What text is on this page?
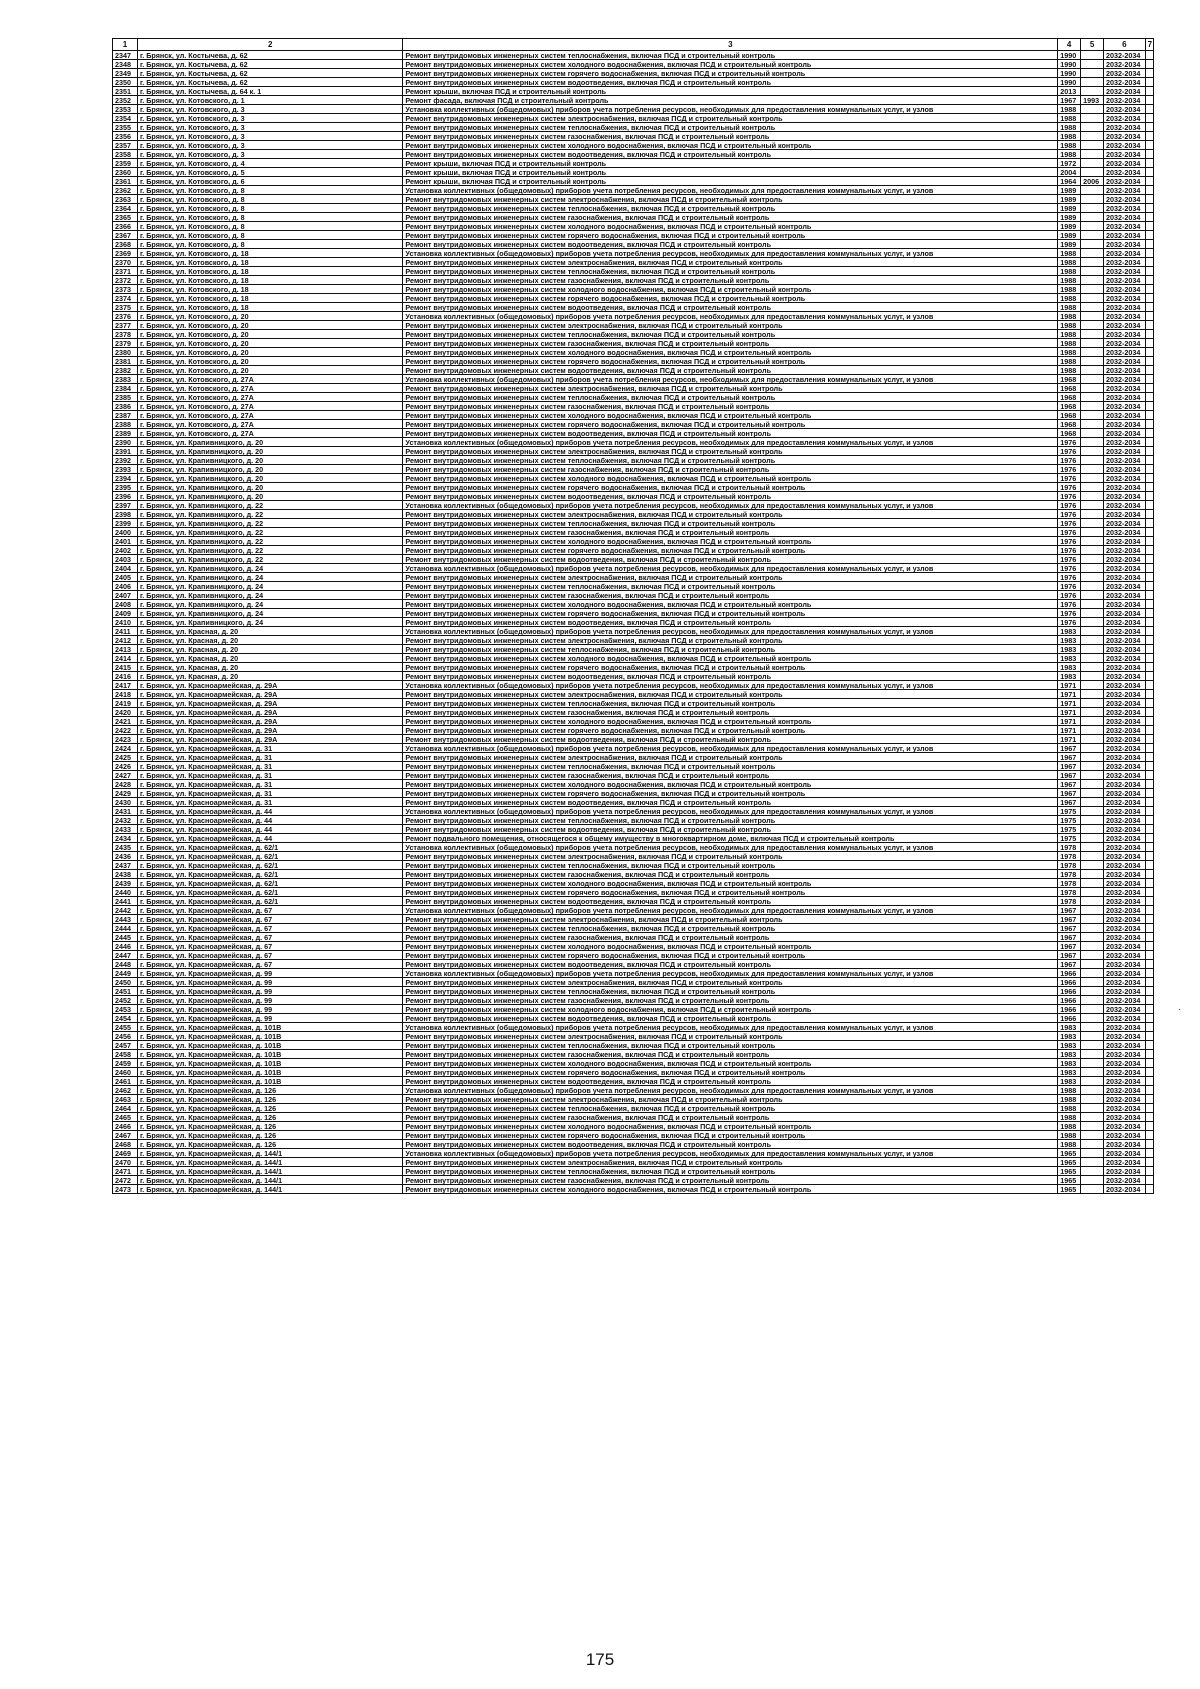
1	2	3	4	5	6	7
2347	г. Брянск, ул. Костычева, д. 62	Ремонт внутридомовых инженерных систем теплоснабжения, включая ПСД и строительный контроль	1990		2032-2034	
2348	г. Брянск, ул. Костычева, д. 62	Ремонт внутридомовых инженерных систем холодного водоснабжения, включая ПСД и строительный контроль	1990		2032-2034	
2349	г. Брянск, ул. Костычева, д. 62	Ремонт внутридомовых инженерных систем горячего водоснабжения, включая ПСД и строительный контроль	1990		2032-2034	
2350	г. Брянск, ул. Костычева, д. 62	Ремонт внутридомовых инженерных систем водоотведения, включая ПСД и строительный контроль	1990		2032-2034	
2351	г. Брянск, ул. Костычева, д. 64 к. 1	Ремонт крыши, включая ПСД и строительный контроль	2013		2032-2034	
2352	г. Брянск, ул. Котовского, д. 1	Ремонт фасада, включая ПСД и строительный контроль	1967	1993	2032-2034	
2353	г. Брянск, ул. Котовского, д. 3	Установка коллективных (общедомовых) приборов учета потребления ресурсов, необходимых для предоставления коммунальных услуг, и узлов	1988		2032-2034	
2354	г. Брянск, ул. Котовского, д. 3	Ремонт внутридомовых инженерных систем электроснабжения, включая ПСД и строительный контроль	1988		2032-2034	
2355	г. Брянск, ул. Котовского, д. 3	Ремонт внутридомовых инженерных систем теплоснабжения, включая ПСД и строительный контроль	1988		2032-2034	
2356	г. Брянск, ул. Котовского, д. 3	Ремонт внутридомовых инженерных систем газоснабжения, включая ПСД и строительный контроль	1988		2032-2034	
2357	г. Брянск, ул. Котовского, д. 3	Ремонт внутридомовых инженерных систем холодного водоснабжения, включая ПСД и строительный контроль	1988		2032-2034	
2358	г. Брянск, ул. Котовского, д. 3	Ремонт внутридомовых инженерных систем водоотведения, включая ПСД и строительный контроль	1988		2032-2034	
2359	г. Брянск, ул. Котовского, д. 4	Ремонт крыши, включая ПСД и строительный контроль	1972		2032-2034	
2360	г. Брянск, ул. Котовского, д. 5	Ремонт крыши, включая ПСД и строительный контроль	2004		2032-2034	
2361	г. Брянск, ул. Котовского, д. 6	Ремонт крыши, включая ПСД и строительный контроль	1964	2006	2032-2034	
2362	г. Брянск, ул. Котовского, д. 8	Установка коллективных (общедомовых) приборов учета потребления ресурсов, необходимых для предоставления коммунальных услуг, и узлов	1989		2032-2034	
2363	г. Брянск, ул. Котовского, д. 8	Ремонт внутридомовых инженерных систем электроснабжения, включая ПСД и строительный контроль	1989		2032-2034	
2364	г. Брянск, ул. Котовского, д. 8	Ремонт внутридомовых инженерных систем теплоснабжения, включая ПСД и строительный контроль	1989		2032-2034	
2365	г. Брянск, ул. Котовского, д. 8	Ремонт внутридомовых инженерных систем газоснабжения, включая ПСД и строительный контроль	1989		2032-2034	
2366	г. Брянск, ул. Котовского, д. 8	Ремонт внутридомовых инженерных систем холодного водоснабжения, включая ПСД и строительный контроль	1989		2032-2034	
2367	г. Брянск, ул. Котовского, д. 8	Ремонт внутридомовых инженерных систем горячего водоснабжения, включая ПСД и строительный контроль	1989		2032-2034	
2368	г. Брянск, ул. Котовского, д. 8	Ремонт внутридомовых инженерных систем водоотведения, включая ПСД и строительный контроль	1989		2032-2034	
2369	г. Брянск, ул. Котовского, д. 18	Установка коллективных (общедомовых) приборов учета потребления ресурсов, необходимых для предоставления коммунальных услуг, и узлов	1988		2032-2034	
2370	г. Брянск, ул. Котовского, д. 18	Ремонт внутридомовых инженерных систем электроснабжения, включая ПСД и строительный контроль	1988		2032-2034	
2371	г. Брянск, ул. Котовского, д. 18	Ремонт внутридомовых инженерных систем теплоснабжения, включая ПСД и строительный контроль	1988		2032-2034	
2372	г. Брянск, ул. Котовского, д. 18	Ремонт внутридомовых инженерных систем газоснабжения, включая ПСД и строительный контроль	1988		2032-2034	
2373	г. Брянск, ул. Котовского, д. 18	Ремонт внутридомовых инженерных систем холодного водоснабжения, включая ПСД и строительный контроль	1988		2032-2034	
2374	г. Брянск, ул. Котовского, д. 18	Ремонт внутридомовых инженерных систем горячего водоснабжения, включая ПСД и строительный контроль	1988		2032-2034	
2375	г. Брянск, ул. Котовского, д. 18	Ремонт внутридомовых инженерных систем водоотведения, включая ПСД и строительный контроль	1988		2032-2034	
2376	г. Брянск, ул. Котовского, д. 20	Установка коллективных (общедомовых) приборов учета потребления ресурсов, необходимых для предоставления коммунальных услуг, и узлов	1988		2032-2034	
2377	г. Брянск, ул. Котовского, д. 20	Ремонт внутридомовых инженерных систем электроснабжения, включая ПСД и строительный контроль	1988		2032-2034	
2378	г. Брянск, ул. Котовского, д. 20	Ремонт внутридомовых инженерных систем теплоснабжения, включая ПСД и строительный контроль	1988		2032-2034	
2379	г. Брянск, ул. Котовского, д. 20	Ремонт внутридомовых инженерных систем газоснабжения, включая ПСД и строительный контроль	1988		2032-2034	
2380	г. Брянск, ул. Котовского, д. 20	Ремонт внутридомовых инженерных систем холодного водоснабжения, включая ПСД и строительный контроль	1988		2032-2034	
2381	г. Брянск, ул. Котовского, д. 20	Ремонт внутридомовых инженерных систем горячего водоснабжения, включая ПСД и строительный контроль	1988		2032-2034	
2382	г. Брянск, ул. Котовского, д. 20	Ремонт внутридомовых инженерных систем водоотведения, включая ПСД и строительный контроль	1988		2032-2034	
2383	г. Брянск, ул. Котовского, д. 27А	Установка коллективных (общедомовых) приборов учета потребления ресурсов, необходимых для предоставления коммунальных услуг, и узлов	1968		2032-2034	
2384	г. Брянск, ул. Котовского, д. 27А	Ремонт внутридомовых инженерных систем электроснабжения, включая ПСД и строительный контроль	1968		2032-2034	
2385	г. Брянск, ул. Котовского, д. 27А	Ремонт внутридомовых инженерных систем теплоснабжения, включая ПСД и строительный контроль	1968		2032-2034	
2386	г. Брянск, ул. Котовского, д. 27А	Ремонт внутридомовых инженерных систем газоснабжения, включая ПСД и строительный контроль	1968		2032-2034	
2387	г. Брянск, ул. Котовского, д. 27А	Ремонт внутридомовых инженерных систем холодного водоснабжения, включая ПСД и строительный контроль	1968		2032-2034	
2388	г. Брянск, ул. Котовского, д. 27А	Ремонт внутридомовых инженерных систем горячего водоснабжения, включая ПСД и строительный контроль	1968		2032-2034	
2389	г. Брянск, ул. Котовского, д. 27А	Ремонт внутридомовых инженерных систем водоотведения, включая ПСД и строительный контроль	1968		2032-2034	
2390	г. Брянск, ул. Крапивницкого, д. 20	Установка коллективных (общедомовых) приборов учета потребления ресурсов, необходимых для предоставления коммунальных услуг, и узлов	1976		2032-2034	
2391	г. Брянск, ул. Крапивницкого, д. 20	Ремонт внутридомовых инженерных систем электроснабжения, включая ПСД и строительный контроль	1976		2032-2034	
2392	г. Брянск, ул. Крапивницкого, д. 20	Ремонт внутридомовых инженерных систем теплоснабжения, включая ПСД и строительный контроль	1976		2032-2034	
2393	г. Брянск, ул. Крапивницкого, д. 20	Ремонт внутридомовых инженерных систем газоснабжения, включая ПСД и строительный контроль	1976		2032-2034	
2394	г. Брянск, ул. Крапивницкого, д. 20	Ремонт внутридомовых инженерных систем холодного водоснабжения, включая ПСД и строительный контроль	1976		2032-2034	
2395	г. Брянск, ул. Крапивницкого, д. 20	Ремонт внутридомовых инженерных систем горячего водоснабжения, включая ПСД и строительный контроль	1976		2032-2034	
2396	г. Брянск, ул. Крапивницкого, д. 20	Ремонт внутридомовых инженерных систем водоотведения, включая ПСД и строительный контроль	1976		2032-2034	
2397	г. Брянск, ул. Крапивницкого, д. 22	Установка коллективных (общедомовых) приборов учета потребления ресурсов, необходимых для предоставления коммунальных услуг, и узлов	1976		2032-2034	
2398	г. Брянск, ул. Крапивницкого, д. 22	Ремонт внутридомовых инженерных систем электроснабжения, включая ПСД и строительный контроль	1976		2032-2034	
2399	г. Брянск, ул. Крапивницкого, д. 22	Ремонт внутридомовых инженерных систем теплоснабжения, включая ПСД и строительный контроль	1976		2032-2034	
2400	г. Брянск, ул. Крапивницкого, д. 22	Ремонт внутридомовых инженерных систем газоснабжения, включая ПСД и строительный контроль	1976		2032-2034	
2401	г. Брянск, ул. Крапивницкого, д. 22	Ремонт внутридомовых инженерных систем холодного водоснабжения, включая ПСД и строительный контроль	1976		2032-2034	
2402	г. Брянск, ул. Крапивницкого, д. 22	Ремонт внутридомовых инженерных систем горячего водоснабжения, включая ПСД и строительный контроль	1976		2032-2034	
2403	г. Брянск, ул. Крапивницкого, д. 22	Ремонт внутридомовых инженерных систем водоотведения, включая ПСД и строительный контроль	1976		2032-2034	
2404	г. Брянск, ул. Крапивницкого, д. 24	Установка коллективных (общедомовых) приборов учета потребления ресурсов, необходимых для предоставления коммунальных услуг, и узлов	1976		2032-2034	
2405	г. Брянск, ул. Крапивницкого, д. 24	Ремонт внутридомовых инженерных систем электроснабжения, включая ПСД и строительный контроль	1976		2032-2034	
2406	г. Брянск, ул. Крапивницкого, д. 24	Ремонт внутридомовых инженерных систем теплоснабжения, включая ПСД и строительный контроль	1976		2032-2034	
2407	г. Брянск, ул. Крапивницкого, д. 24	Ремонт внутридомовых инженерных систем газоснабжения, включая ПСД и строительный контроль	1976		2032-2034	
2408	г. Брянск, ул. Крапивницкого, д. 24	Ремонт внутридомовых инженерных систем холодного водоснабжения, включая ПСД и строительный контроль	1976		2032-2034	
2409	г. Брянск, ул. Крапивницкого, д. 24	Ремонт внутридомовых инженерных систем горячего водоснабжения, включая ПСД и строительный контроль	1976		2032-2034	
2410	г. Брянск, ул. Крапивницкого, д. 24	Ремонт внутридомовых инженерных систем водоотведения, включая ПСД и строительный контроль	1976		2032-2034	
2411	г. Брянск, ул. Красная, д. 20	Установка коллективных (общедомовых) приборов учета потребления ресурсов, необходимых для предоставления коммунальных услуг, и узлов	1983		2032-2034	
2412	г. Брянск, ул. Красная, д. 20	Ремонт внутридомовых инженерных систем электроснабжения, включая ПСД и строительный контроль	1983		2032-2034	
2413	г. Брянск, ул. Красная, д. 20	Ремонт внутридомовых инженерных систем теплоснабжения, включая ПСД и строительный контроль	1983		2032-2034	
2414	г. Брянск, ул. Красная, д. 20	Ремонт внутридомовых инженерных систем холодного водоснабжения, включая ПСД и строительный контроль	1983		2032-2034	
2415	г. Брянск, ул. Красная, д. 20	Ремонт внутридомовых инженерных систем горячего водоснабжения, включая ПСД и строительный контроль	1983		2032-2034	
2416	г. Брянск, ул. Красная, д. 20	Ремонт внутридомовых инженерных систем водоотведения, включая ПСД и строительный контроль	1983		2032-2034	
2417	г. Брянск, ул. Красноармейская, д. 29А	Установка коллективных (общедомовых) приборов учета потребления ресурсов, необходимых для предоставления коммунальных услуг, и узлов	1971		2032-2034	
2418	г. Брянск, ул. Красноармейская, д. 29А	Ремонт внутридомовых инженерных систем электроснабжения, включая ПСД и строительный контроль	1971		2032-2034	
2419	г. Брянск, ул. Красноармейская, д. 29А	Ремонт внутридомовых инженерных систем теплоснабжения, включая ПСД и строительный контроль	1971		2032-2034	
2420	г. Брянск, ул. Красноармейская, д. 29А	Ремонт внутридомовых инженерных систем газоснабжения, включая ПСД и строительный контроль	1971		2032-2034	
2421	г. Брянск, ул. Красноармейская, д. 29А	Ремонт внутридомовых инженерных систем холодного водоснабжения, включая ПСД и строительный контроль	1971		2032-2034	
2422	г. Брянск, ул. Красноармейская, д. 29А	Ремонт внутридомовых инженерных систем горячего водоснабжения, включая ПСД и строительный контроль	1971		2032-2034	
2423	г. Брянск, ул. Красноармейская, д. 29А	Ремонт внутридомовых инженерных систем водоотведения, включая ПСД и строительный контроль	1971		2032-2034	
2424	г. Брянск, ул. Красноармейская, д. 31	Установка коллективных (общедомовых) приборов учета потребления ресурсов, необходимых для предоставления коммунальных услуг, и узлов	1967		2032-2034	
2425	г. Брянск, ул. Красноармейская, д. 31	Ремонт внутридомовых инженерных систем электроснабжения, включая ПСД и строительный контроль	1967		2032-2034	
2426	г. Брянск, ул. Красноармейская, д. 31	Ремонт внутридомовых инженерных систем теплоснабжения, включая ПСД и строительный контроль	1967		2032-2034	
2427	г. Брянск, ул. Красноармейская, д. 31	Ремонт внутридомовых инженерных систем газоснабжения, включая ПСД и строительный контроль	1967		2032-2034	
2428	г. Брянск, ул. Красноармейская, д. 31	Ремонт внутридомовых инженерных систем холодного водоснабжения, включая ПСД и строительный контроль	1967		2032-2034	
2429	г. Брянск, ул. Красноармейская, д. 31	Ремонт внутридомовых инженерных систем горячего водоснабжения, включая ПСД и строительный контроль	1967		2032-2034	
2430	г. Брянск, ул. Красноармейская, д. 31	Ремонт внутридомовых инженерных систем водоотведения, включая ПСД и строительный контроль	1967		2032-2034	
2431	г. Брянск, ул. Красноармейская, д. 44	Установка коллективных (общедомовых) приборов учета потребления ресурсов, необходимых для предоставления коммунальных услуг, и узлов	1975		2032-2034	
2432	г. Брянск, ул. Красноармейская, д. 44	Ремонт внутридомовых инженерных систем теплоснабжения, включая ПСД и строительный контроль	1975		2032-2034	
2433	г. Брянск, ул. Красноармейская, д. 44	Ремонт внутридомовых инженерных систем водоотведения, включая ПСД и строительный контроль	1975		2032-2034	
2434	г. Брянск, ул. Красноармейская, д. 44	Ремонт подвального помещения, относящегося к общему имуществу в многоквартирном доме, включая ПСД и строительный контроль	1975		2032-2034	
2435	г. Брянск, ул. Красноармейская, д. 62/1	Установка коллективных (общедомовых) приборов учета потребления ресурсов, необходимых для предоставления коммунальных услуг, и узлов	1978		2032-2034	
2436	г. Брянск, ул. Красноармейская, д. 62/1	Ремонт внутридомовых инженерных систем электроснабжения, включая ПСД и строительный контроль	1978		2032-2034	
2437	г. Брянск, ул. Красноармейская, д. 62/1	Ремонт внутридомовых инженерных систем теплоснабжения, включая ПСД и строительный контроль	1978		2032-2034	
2438	г. Брянск, ул. Красноармейская, д. 62/1	Ремонт внутридомовых инженерных систем газоснабжения, включая ПСД и строительный контроль	1978		2032-2034	
2439	г. Брянск, ул. Красноармейская, д. 62/1	Ремонт внутридомовых инженерных систем холодного водоснабжения, включая ПСД и строительный контроль	1978		2032-2034	
2440	г. Брянск, ул. Красноармейская, д. 62/1	Ремонт внутридомовых инженерных систем горячего водоснабжения, включая ПСД и строительный контроль	1978		2032-2034	
2441	г. Брянск, ул. Красноармейская, д. 62/1	Ремонт внутридомовых инженерных систем водоотведения, включая ПСД и строительный контроль	1978		2032-2034	
2442	г. Брянск, ул. Красноармейская, д. 67	Установка коллективных (общедомовых) приборов учета потребления ресурсов, необходимых для предоставления коммунальных услуг, и узлов	1967		2032-2034	
2443	г. Брянск, ул. Красноармейская, д. 67	Ремонт внутридомовых инженерных систем электроснабжения, включая ПСД и строительный контроль	1967		2032-2034	
2444	г. Брянск, ул. Красноармейская, д. 67	Ремонт внутридомовых инженерных систем теплоснабжения, включая ПСД и строительный контроль	1967		2032-2034	
2445	г. Брянск, ул. Красноармейская, д. 67	Ремонт внутридомовых инженерных систем газоснабжения, включая ПСД и строительный контроль	1967		2032-2034	
2446	г. Брянск, ул. Красноармейская, д. 67	Ремонт внутридомовых инженерных систем холодного водоснабжения, включая ПСД и строительный контроль	1967		2032-2034	
2447	г. Брянск, ул. Красноармейская, д. 67	Ремонт внутридомовых инженерных систем горячего водоснабжения, включая ПСД и строительный контроль	1967		2032-2034	
2448	г. Брянск, ул. Красноармейская, д. 67	Ремонт внутридомовых инженерных систем водоотведения, включая ПСД и строительный контроль	1967		2032-2034	
2449	г. Брянск, ул. Красноармейская, д. 99	Установка коллективных (общедомовых) приборов учета потребления ресурсов, необходимых для предоставления коммунальных услуг, и узлов	1966		2032-2034	
2450	г. Брянск, ул. Красноармейская, д. 99	Ремонт внутридомовых инженерных систем электроснабжения, включая ПСД и строительный контроль	1966		2032-2034	
2451	г. Брянск, ул. Красноармейская, д. 99	Ремонт внутридомовых инженерных систем теплоснабжения, включая ПСД и строительный контроль	1966		2032-2034	
2452	г. Брянск, ул. Красноармейская, д. 99	Ремонт внутридомовых инженерных систем газоснабжения, включая ПСД и строительный контроль	1966		2032-2034	
2453	г. Брянск, ул. Красноармейская, д. 99	Ремонт внутридомовых инженерных систем холодного водоснабжения, включая ПСД и строительный контроль	1966		2032-2034	
2454	г. Брянск, ул. Красноармейская, д. 99	Ремонт внутридомовых инженерных систем водоотведения, включая ПСД и строительный контроль	1966		2032-2034	
2455	г. Брянск, ул. Красноармейская, д. 101В	Установка коллективных (общедомовых) приборов учета потребления ресурсов, необходимых для предоставления коммунальных услуг, и узлов	1983		2032-2034	
2456	г. Брянск, ул. Красноармейская, д. 101В	Ремонт внутридомовых инженерных систем электроснабжения, включая ПСД и строительный контроль	1983		2032-2034	
2457	г. Брянск, ул. Красноармейская, д. 101В	Ремонт внутридомовых инженерных систем теплоснабжения, включая ПСД и строительный контроль	1983		2032-2034	
2458	г. Брянск, ул. Красноармейская, д. 101В	Ремонт внутридомовых инженерных систем газоснабжения, включая ПСД и строительный контроль	1983		2032-2034	
2459	г. Брянск, ул. Красноармейская, д. 101В	Ремонт внутридомовых инженерных систем холодного водоснабжения, включая ПСД и строительный контроль	1983		2032-2034	
2460	г. Брянск, ул. Красноармейская, д. 101В	Ремонт внутридомовых инженерных систем горячего водоснабжения, включая ПСД и строительный контроль	1983		2032-2034	
2461	г. Брянск, ул. Красноармейская, д. 101В	Ремонт внутридомовых инженерных систем водоотведения, включая ПСД и строительный контроль	1983		2032-2034	
2462	г. Брянск, ул. Красноармейская, д. 126	Установка коллективных (общедомовых) приборов учета потребления ресурсов, необходимых для предоставления коммунальных услуг, и узлов	1988		2032-2034	
2463	г. Брянск, ул. Красноармейская, д. 126	Ремонт внутридомовых инженерных систем электроснабжения, включая ПСД и строительный контроль	1988		2032-2034	
2464	г. Брянск, ул. Красноармейская, д. 126	Ремонт внутридомовых инженерных систем теплоснабжения, включая ПСД и строительный контроль	1988		2032-2034	
2465	г. Брянск, ул. Красноармейская, д. 126	Ремонт внутридомовых инженерных систем газоснабжения, включая ПСД и строительный контроль	1988		2032-2034	
2466	г. Брянск, ул. Красноармейская, д. 126	Ремонт внутридомовых инженерных систем холодного водоснабжения, включая ПСД и строительный контроль	1988		2032-2034	
2467	г. Брянск, ул. Красноармейская, д. 126	Ремонт внутридомовых инженерных систем горячего водоснабжения, включая ПСД и строительный контроль	1988		2032-2034	
2468	г. Брянск, ул. Красноармейская, д. 126	Ремонт внутридомовых инженерных систем водоотведения, включая ПСД и строительный контроль	1988		2032-2034	
2469	г. Брянск, ул. Красноармейская, д. 144/1	Установка коллективных (общедомовых) приборов учета потребления ресурсов, необходимых для предоставления коммунальных услуг, и узлов	1965		2032-2034	
2470	г. Брянск, ул. Красноармейская, д. 144/1	Ремонт внутридомовых инженерных систем электроснабжения, включая ПСД и строительный контроль	1965		2032-2034	
2471	г. Брянск, ул. Красноармейская, д. 144/1	Ремонт внутридомовых инженерных систем теплоснабжения, включая ПСД и строительный контроль	1965		2032-2034	
2472	г. Брянск, ул. Красноармейская, д. 144/1	Ремонт внутридомовых инженерных систем газоснабжения, включая ПСД и строительный контроль	1965		2032-2034	
2473	г. Брянск, ул. Красноармейская, д. 144/1	Ремонт внутридомовых инженерных систем холодного водоснабжения, включая ПСД и строительный контроль	1965		2032-2034	
175
·
